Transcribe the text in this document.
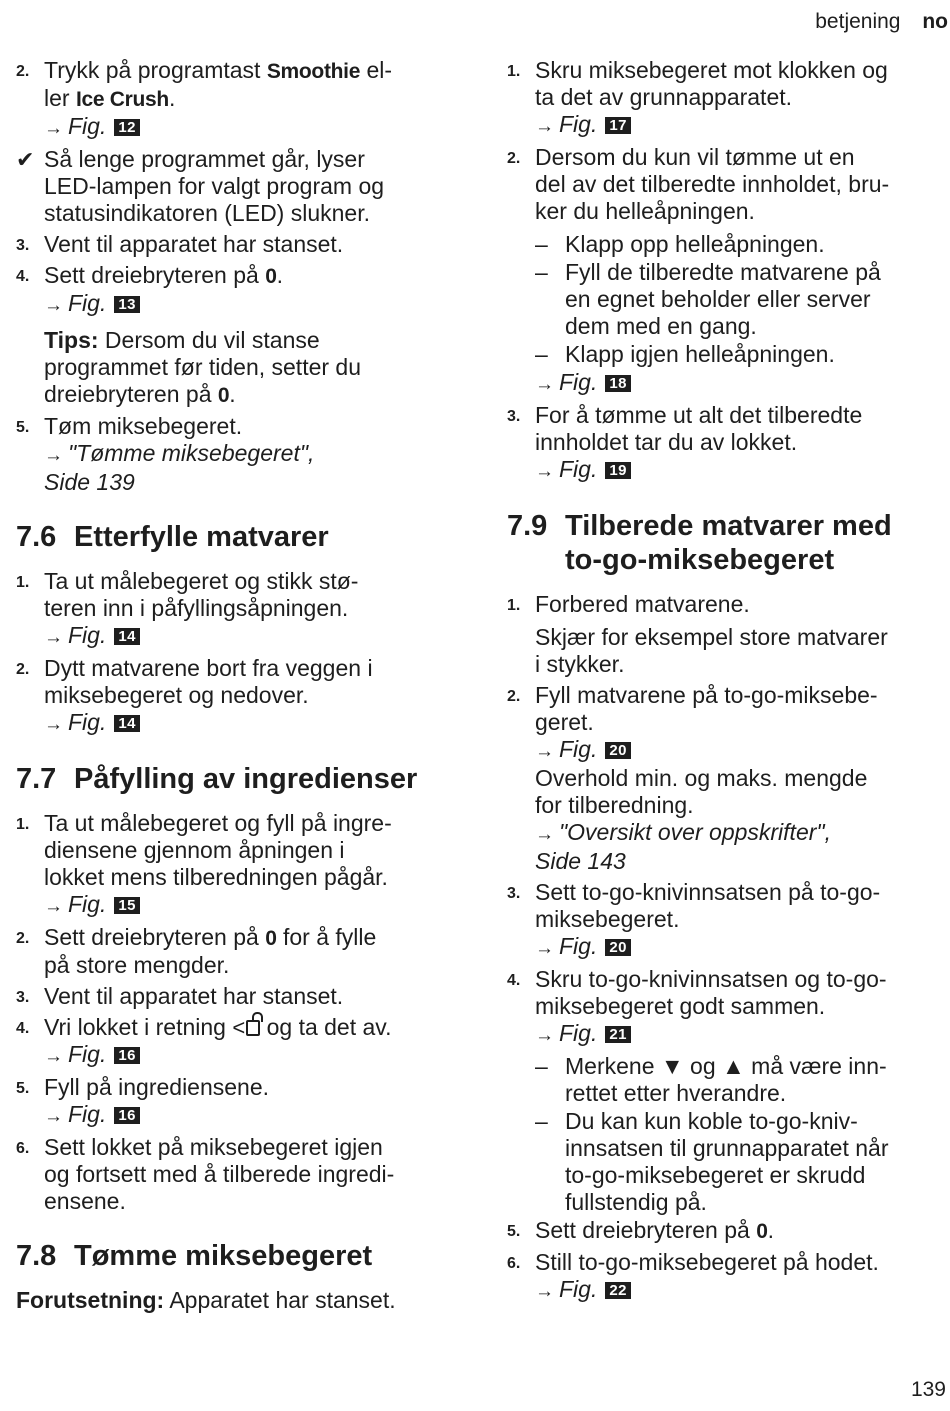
betjening no
2. Trykk på programtast Smoothie el-
ler Ice Crush.
→ Fig. 12
✔ Så lenge programmet går, lyser
LED-lampen for valgt program og
statusindikatoren (LED) slukner.
3. Vent til apparatet har stanset.
4. Sett dreiebryteren på 0.
→ Fig. 13
Tips: Dersom du vil stanse
programmet før tiden, setter du
dreiebryteren på 0.
5. Tøm miksebegeret.
→ "Tømme miksebegeret",
Side 139
7.6 Etterfylle matvarer
1. Ta ut målebegeret og stikk stø-
teren inn i påfyllingsåpningen.
→ Fig. 14
2. Dytt matvarene bort fra veggen i
miksebegeret og nedover.
→ Fig. 14
7.7 Påfylling av ingredienser
1. Ta ut målebegeret og fyll på ingre-
diensene gjennom åpningen i
lokket mens tilberedningen pågår.
→ Fig. 15
2. Sett dreiebryteren på 0 for å fylle
på store mengder.
3. Vent til apparatet har stanset.
4. Vri lokket i retning < og ta det av.
→ Fig. 16
5. Fyll på ingrediensene.
→ Fig. 16
6. Sett lokket på miksebegeret igjen
og fortsett med å tilberede ingredi-
ensene.
7.8 Tømme miksebegeret
Forutsetning: Apparatet har stanset.
1. Skru miksebegeret mot klokken og
ta det av grunnapparatet.
→ Fig. 17
2. Dersom du kun vil tømme ut en
del av det tilberedte innholdet, bru-
ker du helleåpningen.
– Klapp opp helleåpningen.
– Fyll de tilberedte matvarene på
en egnet beholder eller server
dem med en gang.
– Klapp igjen helleåpningen.
→ Fig. 18
3. For å tømme ut alt det tilberedte
innholdet tar du av lokket.
→ Fig. 19
7.9 Tilberede matvarer med
to-go-miksebegeret
1. Forbered matvarene.
Skjær for eksempel store matvarer
i stykker.
2. Fyll matvarene på to-go-miksebe-
geret.
→ Fig. 20
Overhold min. og maks. mengde
for tilberedning.
→ "Oversikt over oppskrifter",
Side 143
3. Sett to-go-knivinnsatsen på to-go-
miksebegeret.
→ Fig. 20
4. Skru to-go-knivinnsatsen og to-go-
miksebegeret godt sammen.
→ Fig. 21
– Merkene ▼ og ▲ må være inn-
rettet etter hverandre.
– Du kan kun koble to-go-kniv-
innsatsen til grunnapparatet når
to-go-miksebegeret er skrudd
fullstendig på.
5. Sett dreiebryteren på 0.
6. Still to-go-miksebegeret på hodet.
→ Fig. 22
139
